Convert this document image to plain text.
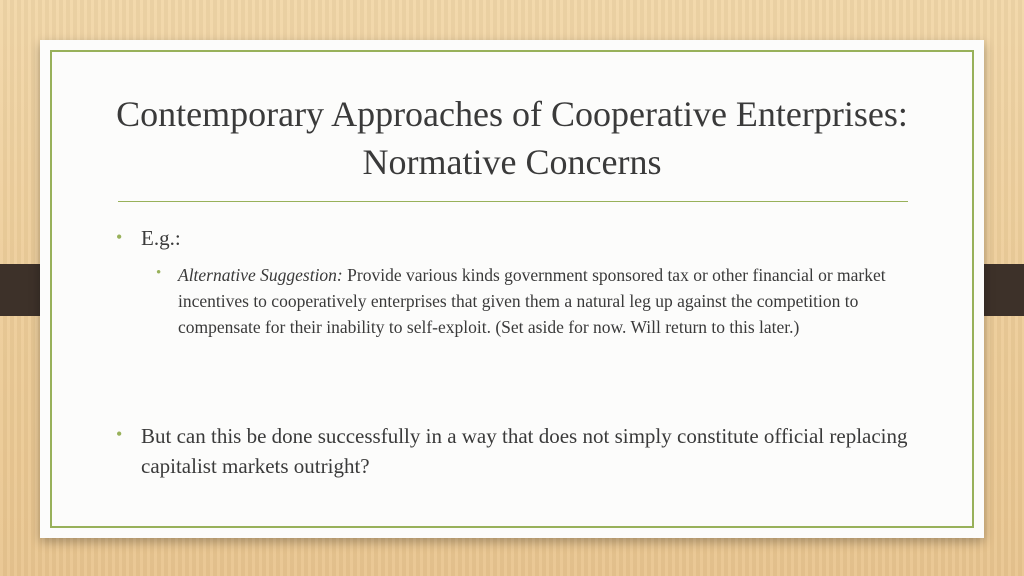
Contemporary Approaches of Cooperative Enterprises: Normative Concerns
• E.g.:
• Alternative Suggestion: Provide various kinds government sponsored tax or other financial or market incentives to cooperatively enterprises that given them a natural leg up against the competition to compensate for their inability to self-exploit. (Set aside for now. Will return to this later.)
• But can this be done successfully in a way that does not simply constitute official replacing capitalist markets outright?
